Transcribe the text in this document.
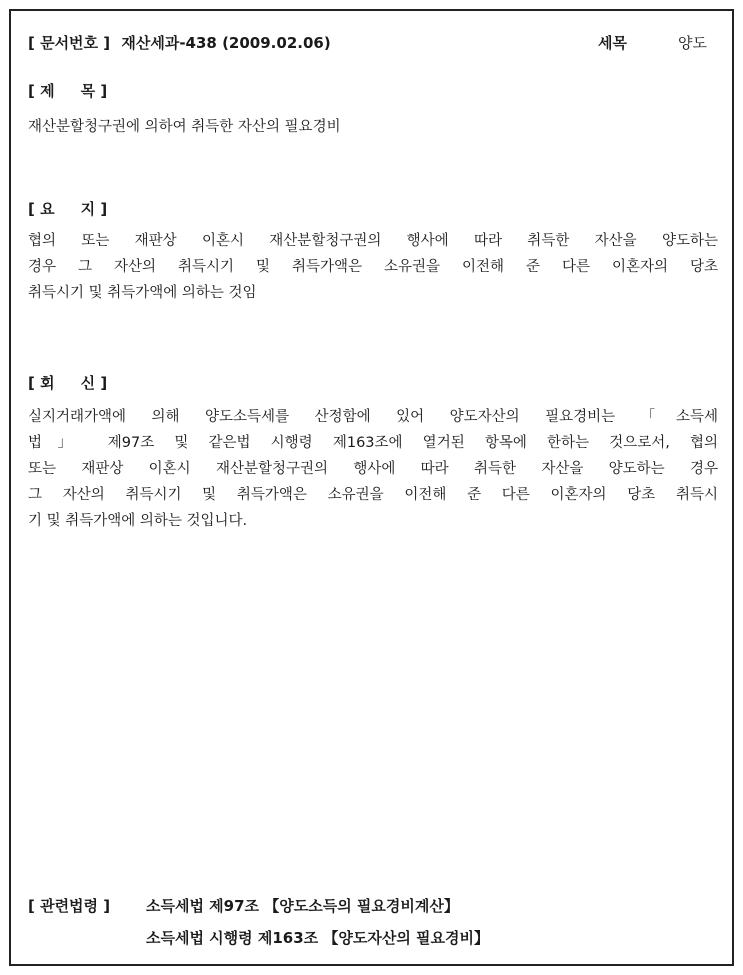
[ 문서번호 ] 재산세과-438 (2009.02.06)	세목	양도
[ 제     목 ]
재산분할청구권에 의하여 취득한 자산의 필요경비
[ 요     지 ]
협의 또는 재판상 이혼시 재산분할청구권의 행사에 따라 취득한 자산을 양도하는
경우 그 자산의 취득시기 및 취득가액은 소유권을 이전해 준 다른 이혼자의 당초
취득시기 및 취득가액에 의하는 것임
[ 회     신 ]
실지거래가액에 의해 양도소득세를 산정함에 있어 양도자산의 필요경비는 「소득세
법」 제97조 및 같은법 시행령 제163조에 열거된 항목에 한하는 것으로서, 협의
또는 재판상 이혼시 재산분할청구권의 행사에 따라 취득한 자산을 양도하는 경우
그 자산의 취득시기 및 취득가액은 소유권을 이전해 준 다른 이혼자의 당초 취득시
기 및 취득가액에 의하는 것입니다.
[ 관련법령 ] 소득세법 제97조 【양도소득의 필요경비계산】
소득세법 시행령 제163조 【양도자산의 필요경비】
